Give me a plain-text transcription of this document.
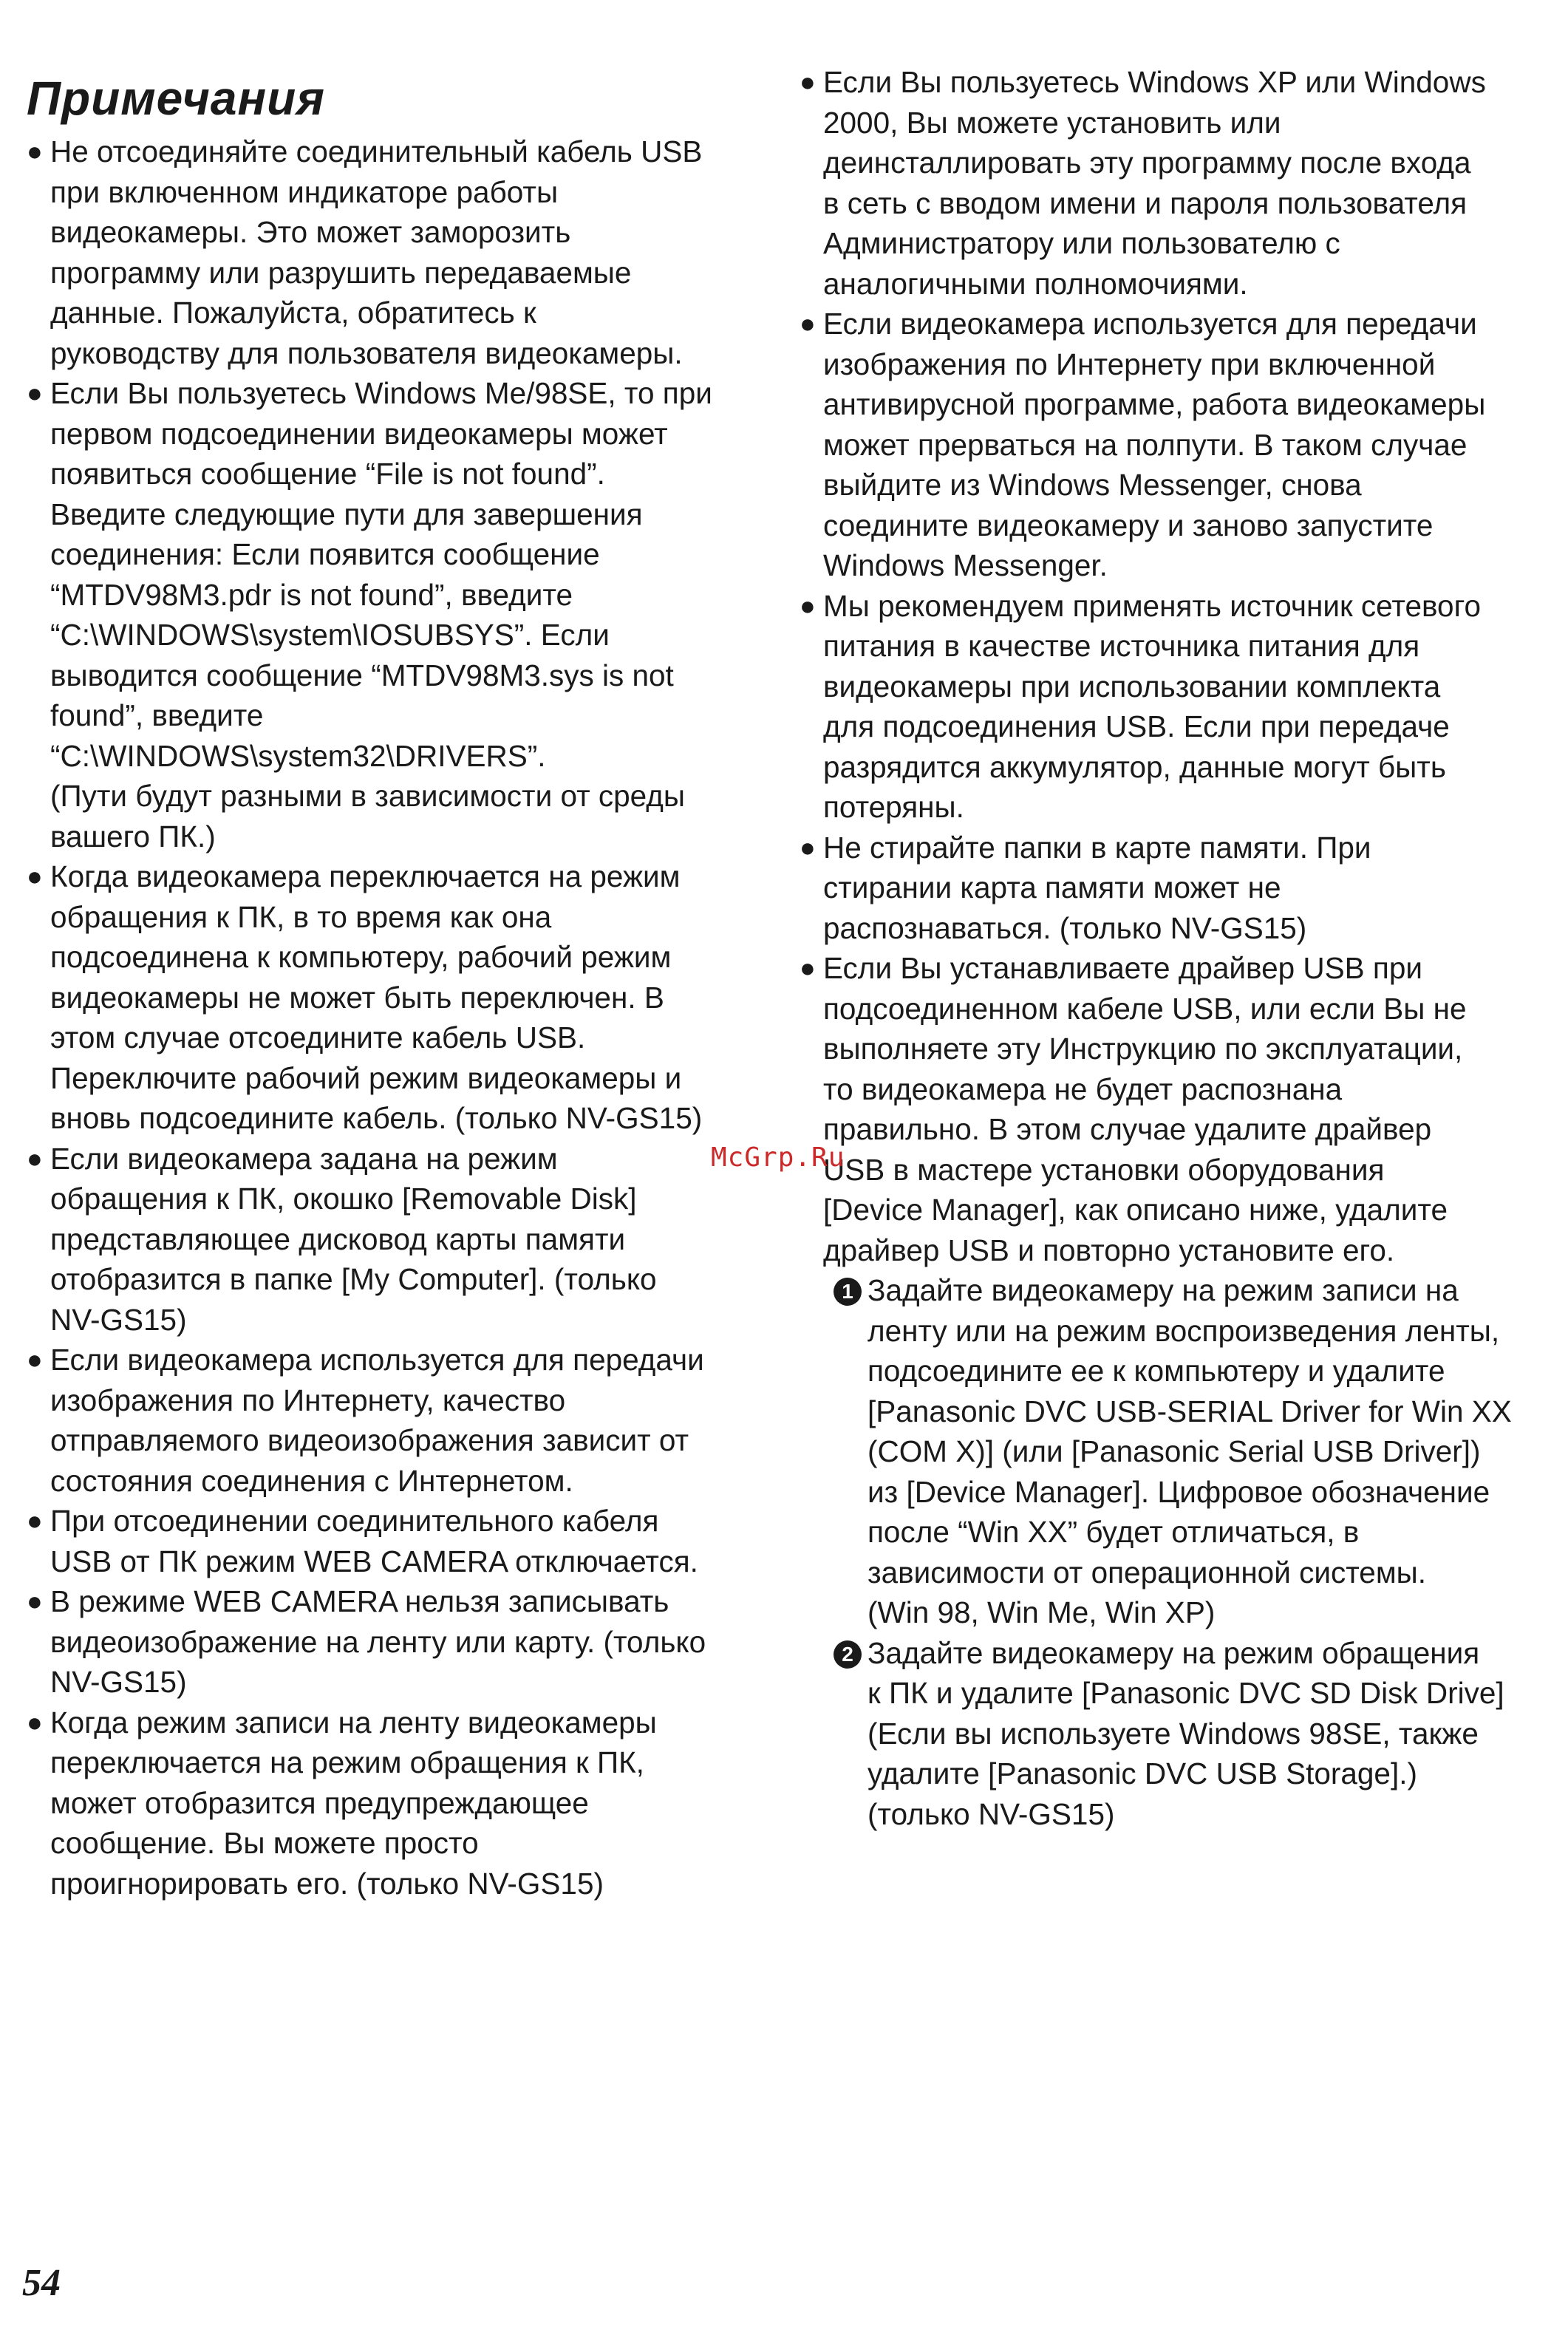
Примечания
● Не отсоединяйте соединительный кабель USB
при включенном индикаторе работы
видеокамеры. Это может заморозить
программу или разрушить передаваемые
данные. Пожалуйста, обратитесь к
руководству для пользователя видеокамеры.
● Если Вы пользуетесь Windows Me/98SE, то при
первом подсоединении видеокамеры может
появиться сообщение “File is not found”.
Введите следующие пути для завершения
соединения: Если появится сообщение
“MTDV98M3.pdr is not found”, введите
“C:\WINDOWS\system\IOSUBSYS”. Если
выводится сообщение “MTDV98M3.sys is not
found”, введите
“C:\WINDOWS\system32\DRIVERS”.
(Пути будут разными в зависимости от среды
вашего ПК.)
● Когда видеокамера переключается на режим
обращения к ПК, в то время как она
подсоединена к компьютеру, рабочий режим
видеокамеры не может быть переключен. В
этом случае отсоедините кабель USB.
Переключите рабочий режим видеокамеры и
вновь подсоедините кабель. (только NV-GS15)
● Если видеокамера задана на режим
обращения к ПК, окошко [Removable Disk]
представляющее дисковод карты памяти
отобразится в папке [My Computer]. (только
NV-GS15)
● Если видеокамера используется для передачи
изображения по Интернету, качество
отправляемого видеоизображения зависит от
состояния соединения с Интернетом.
● При отсоединении соединительного кабеля
USB от ПК режим WEB CAMERA отключается.
● В режиме WEB CAMERA нельзя записывать
видеоизображение на ленту или карту. (только
NV-GS15)
● Когда режим записи на ленту видеокамеры
переключается на режим обращения к ПК,
может отобразится предупреждающее
сообщение. Вы можете просто
проигнорировать его. (только NV-GS15)
● Если Вы пользуетесь Windows XP или Windows
2000, Вы можете установить или
деинсталлировать эту программу после входа
в сеть с вводом имени и пароля пользователя
Администратору или пользователю с
аналогичными полномочиями.
● Если видеокамера используется для передачи
изображения по Интернету при включенной
антивирусной программе, работа видеокамеры
может прерваться на полпути. В таком случае
выйдите из Windows Messenger, снова
соедините видеокамеру и заново запустите
Windows Messenger.
● Мы рекомендуем применять источник сетевого
питания в качестве источника питания для
видеокамеры при использовании комплекта
для подсоединения USB. Если при передаче
разрядится аккумулятор, данные могут быть
потеряны.
● Не стирайте папки в карте памяти. При
стирании карта памяти может не
распознаваться. (только NV-GS15)
● Если Вы устанавливаете драйвер USB при
подсоединенном кабеле USB, или если Вы не
выполняете эту Инструкцию по эксплуатации,
то видеокамера не будет распознана
правильно. В этом случае удалите драйвер
USB в мастере установки оборудования
[Device Manager], как описано ниже, удалите
драйвер USB и повторно установите его.
1 Задайте видеокамеру на режим записи на
ленту или на режим воспроизведения ленты,
подсоедините ее к компьютеру и удалите
[Panasonic DVC USB-SERIAL Driver for Win XX
(COM X)] (или [Panasonic Serial USB Driver])
из [Device Manager]. Цифровое обозначение
после “Win XX” будет отличаться, в
зависимости от операционной системы.
(Win 98, Win Me, Win XP)
2 Задайте видеокамеру на режим обращения
к ПК и удалите [Panasonic DVC SD Disk Drive]
(Если вы используете Windows 98SE, также
удалите [Panasonic DVC USB Storage].)
(только NV-GS15)
McGrp.Ru
54
